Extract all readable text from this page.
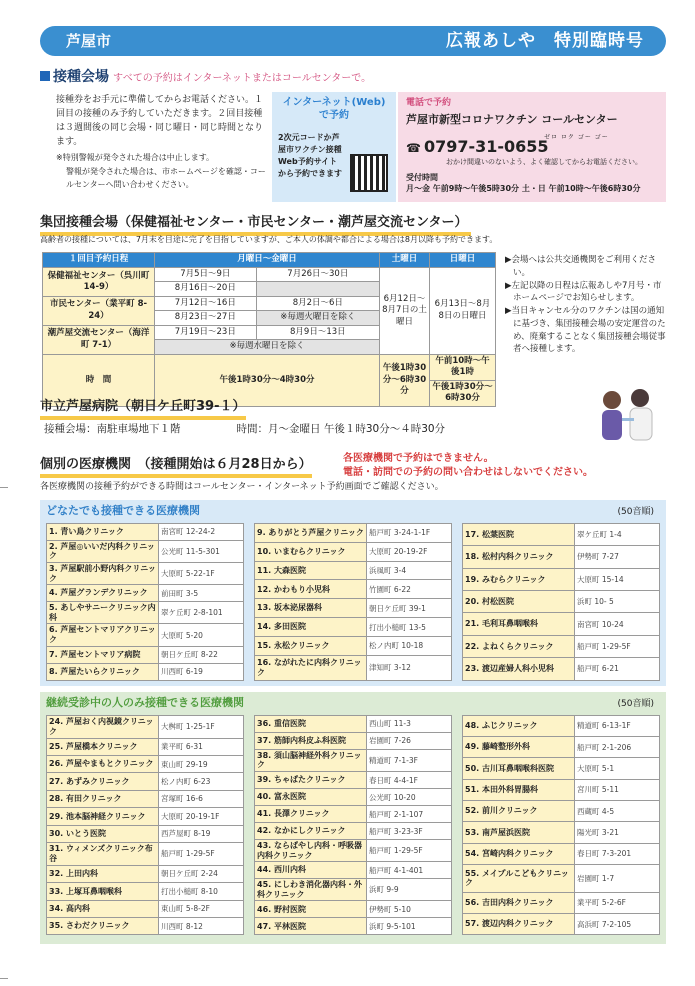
芦屋市	広報あしや　特別臨時号
接種会場 すべての予約はインターネットまたはコールセンターで。

接種券をお手元に準備してからお電話ください。１回目の接種のみ予約していただきます。２回目接種は３週間後の同じ会場・同じ曜日・同じ時間となります。

※特別警報が発令された場合は中止します。

警報が発令された場合は、市ホームページを確認・コールセンターへ問い合わせください。

インターネット(Web)で予約
2次元コードか芦屋市ワクチン接種Web予約サイトから予約できます
電話で予約
芦屋市新型コロナワクチン コールセンター
ゼロ ロク ゴー ゴー
☎ 0797-31-0655
おかけ間違いのないよう、よく確認してからお電話ください。
受付時間
月～金 午前9時～午後5時30分 土・日 午前10時～午後6時30分
集団接種会場（保健福祉センター・市民センター・潮芦屋交流センター）
高齢者の接種については、7月末を目途に完了を目指していますが、ご本人の体調や都合による場合は8月以降も予約できます。
１回目予約日程	月曜日～金曜日		土曜日	日曜日
保健福祉センター（呉川町 14-9）	7月5日～9日	7月26日～30日	6月12日～8月7日の土曜日	6月13日～8月8日の日曜日
	8月16日～20日			
市民センター（業平町 8-24）	7月12日～16日	8月2日～6日		
	8月23日～27日	※毎週火曜日を除く		
潮芦屋交流センター（海洋町 7-1）	7月19日～23日	8月9日～13日		
	※毎週水曜日を除く			
時　間	午後1時30分～4時30分		午後1時30分～6時30分	午前10時～午後1時
				午後1時30分～6時30分

▶会場へは公共交通機関をご利用ください。

▶左記以降の日程は広報あしや7月号・市ホームページでお知らせします。

▶当日キャンセル分のワクチンは国の通知に基づき、集団接種会場の安定運営のため、廃棄することなく集団接種会場従事者へ接種します。

市立芦屋病院（朝日ケ丘町39-１）
接種会場：南駐車場地下１階	時間：月～金曜日 午後１時30分～４時30分
個別の医療機関　（接種開始は６月28日から）	各医療機関で予約はできません。
電話・訪問での予約の問い合わせはしないでください。
各医療機関の接種予約ができる時間はコールセンター・インターネット予約画面でご確認ください。
どなたでも接種できる医療機関	(50音順)
1. 青い鳥クリニック	南宮町 12-24-2
2. 芦屋◎いいだ内科クリニック	公光町 11-5-301
3. 芦屋駅前小野内科クリニック	大原町 5-22-1F
4. 芦屋グランデクリニック	前田町 3-5
5. あしやサニークリニック内科	翠ケ丘町 2-8-101
6. 芦屋セントマリアクリニック	大原町 5-20
7. 芦屋セントマリア病院	朝日ケ丘町 8-22
8. 芦屋たいらクリニック	川西町 6-19
9. ありがとう芦屋クリニック	船戸町 3-24-1-1F
10. いまむらクリニック	大原町 20-19-2F
11. 大森医院	浜風町 3-4
12. かわもり小児科	竹園町 6-22
13. 坂本泌尿器科	朝日ケ丘町 39-1
14. 多田医院	打出小槌町 13-5
15. 永松クリニック	松ノ内町 10-18
16. ながれたに内科クリニック	津知町 3-12
17. 松葉医院	翠ケ丘町 1-4
18. 松村内科クリニック	伊勢町 7-27
19. みむらクリニック	大原町 15-14
20. 村松医院	浜町 10- 5
21. 毛利耳鼻咽喉科	南宮町 10-24
22. よねくらクリニック	船戸町 1-29-5F
23. 渡辺産婦人科小児科	船戸町 6-21
継続受診中の人のみ接種できる医療機関	(50音順)
24. 芦屋おく内視鏡クリニック	大桝町 1-25-1F
25. 芦屋橋本クリニック	業平町 6-31
26. 芦屋やまもとクリニック	東山町 29-19
27. あずみクリニック	松ノ内町 6-23
28. 有田クリニック	宮塚町 16-6
29. 池本脳神経クリニック	大原町 20-19-1F
30. いとう医院	西芦屋町 8-19
31. ウィメンズクリニック布谷	船戸町 1-29-5F
32. 上田内科	朝日ケ丘町 2-24
33. 上塚耳鼻咽喉科	打出小槌町 8-10
34. 高内科	東山町 5-8-2F
35. さわだクリニック	川西町 8-12
36. 重信医院	西山町 11-3
37. 筋師内科皮ふ科医院	岩園町 7-26
38. 須山脳神経外科クリニック	精道町 7-1-3F
39. ちゃばたクリニック	春日町 4-4-1F
40. 富永医院	公光町 10-20
41. 長澤クリニック	船戸町 2-1-107
42. なかにしクリニック	船戸町 3-23-3F
43. ならばやし内科・呼吸器内科クリニック	船戸町 1-29-5F
44. 西川内科	船戸町 4-1-401
45. にしわき消化器内科・外科クリニック	浜町 9-9
46. 野村医院	伊勢町 5-10
47. 平林医院	浜町 9-5-101
48. ふじクリニック	精道町 6-13-1F
49. 藤崎整形外科	船戸町 2-1-206
50. 古川耳鼻咽喉科医院	大原町 5-1
51. 本田外科胃腸科	宮川町 5-11
52. 前川クリニック	西蔵町 4-5
53. 南芦屋浜医院	陽光町 3-21
54. 宮崎内科クリニック	春日町 7-3-201
55. メイプルこどもクリニック	岩園町 1-7
56. 吉田内科クリニック	業平町 5-2-6F
57. 渡辺内科クリニック	高浜町 7-2-105
